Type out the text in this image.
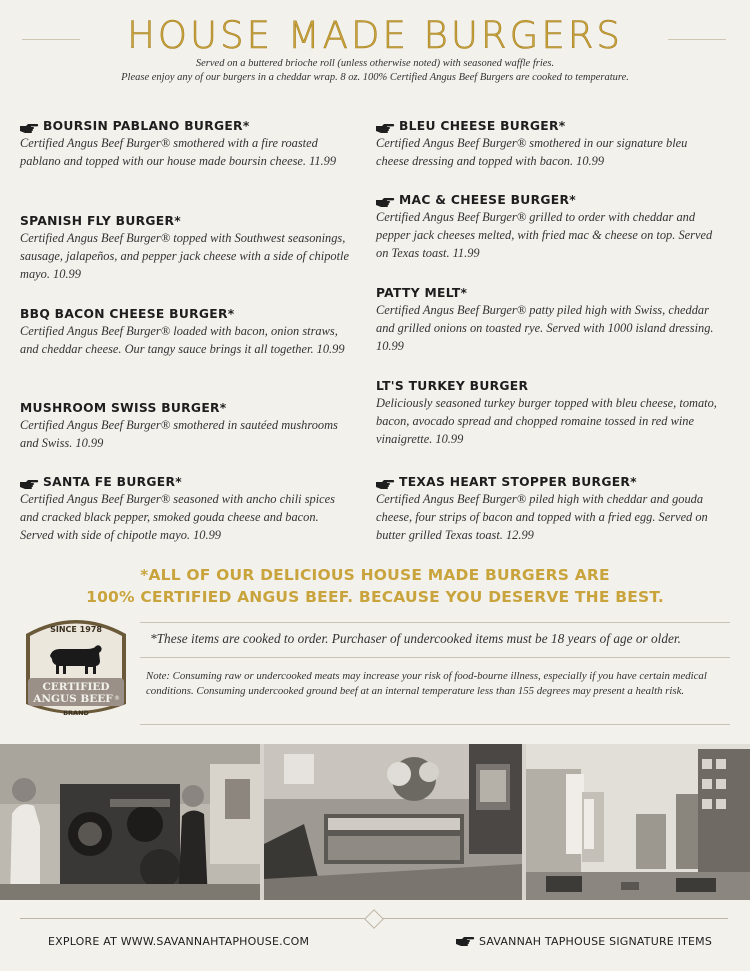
HOUSE MADE BURGERS
Served on a buttered brioche roll (unless otherwise noted) with seasoned waffle fries.
Please enjoy any of our burgers in a cheddar wrap. 8 oz. 100% Certified Angus Beef Burgers are cooked to temperature.
BOURSIN PABLANO BURGER*
Certified Angus Beef Burger® smothered with a fire roasted pablano and topped with our house made boursin cheese. 11.99
SPANISH FLY BURGER*
Certified Angus Beef Burger® topped with Southwest seasonings, sausage, jalapeños, and pepper jack cheese with a side of chipotle mayo. 10.99
BBQ BACON CHEESE BURGER*
Certified Angus Beef Burger® loaded with bacon, onion straws, and cheddar cheese. Our tangy sauce brings it all together. 10.99
MUSHROOM SWISS BURGER*
Certified Angus Beef Burger® smothered in sautéed mushrooms and Swiss. 10.99
SANTA FE BURGER*
Certified Angus Beef Burger® seasoned with ancho chili spices and cracked black pepper, smoked gouda cheese and bacon. Served with side of chipotle mayo. 10.99
BLEU CHEESE BURGER*
Certified Angus Beef Burger® smothered in our signature bleu cheese dressing and topped with bacon. 10.99
MAC & CHEESE BURGER*
Certified Angus Beef Burger® grilled to order with cheddar and pepper jack cheeses melted, with fried mac & cheese on top. Served on Texas toast. 11.99
PATTY MELT*
Certified Angus Beef Burger® patty piled high with Swiss, cheddar and grilled onions on toasted rye. Served with 1000 island dressing. 10.99
LT'S TURKEY BURGER
Deliciously seasoned turkey burger topped with bleu cheese, tomato, bacon, avocado spread and chopped romaine tossed in red wine vinaigrette. 10.99
TEXAS HEART STOPPER BURGER*
Certified Angus Beef Burger® piled high with cheddar and gouda cheese, four strips of bacon and topped with a fried egg. Served on butter grilled Texas toast. 12.99
*ALL OF OUR DELICIOUS HOUSE MADE BURGERS ARE
100% CERTIFIED ANGUS BEEF. BECAUSE YOU DESERVE THE BEST.
SINCE 1978
CERTIFIED
ANGUS BEEF ®
BRAND
*These items are cooked to order. Purchaser of undercooked items must be 18 years of age or older.
Note: Consuming raw or undercooked meats may increase your risk of food-bourne illness, especially if you have certain medical conditions. Consuming undercooked ground beef at an internal temperature less than 155 degrees may present a health risk.
EXPLORE AT WWW.SAVANNAHTAPHOUSE.COM	SAVANNAH TAPHOUSE SIGNATURE ITEMS
